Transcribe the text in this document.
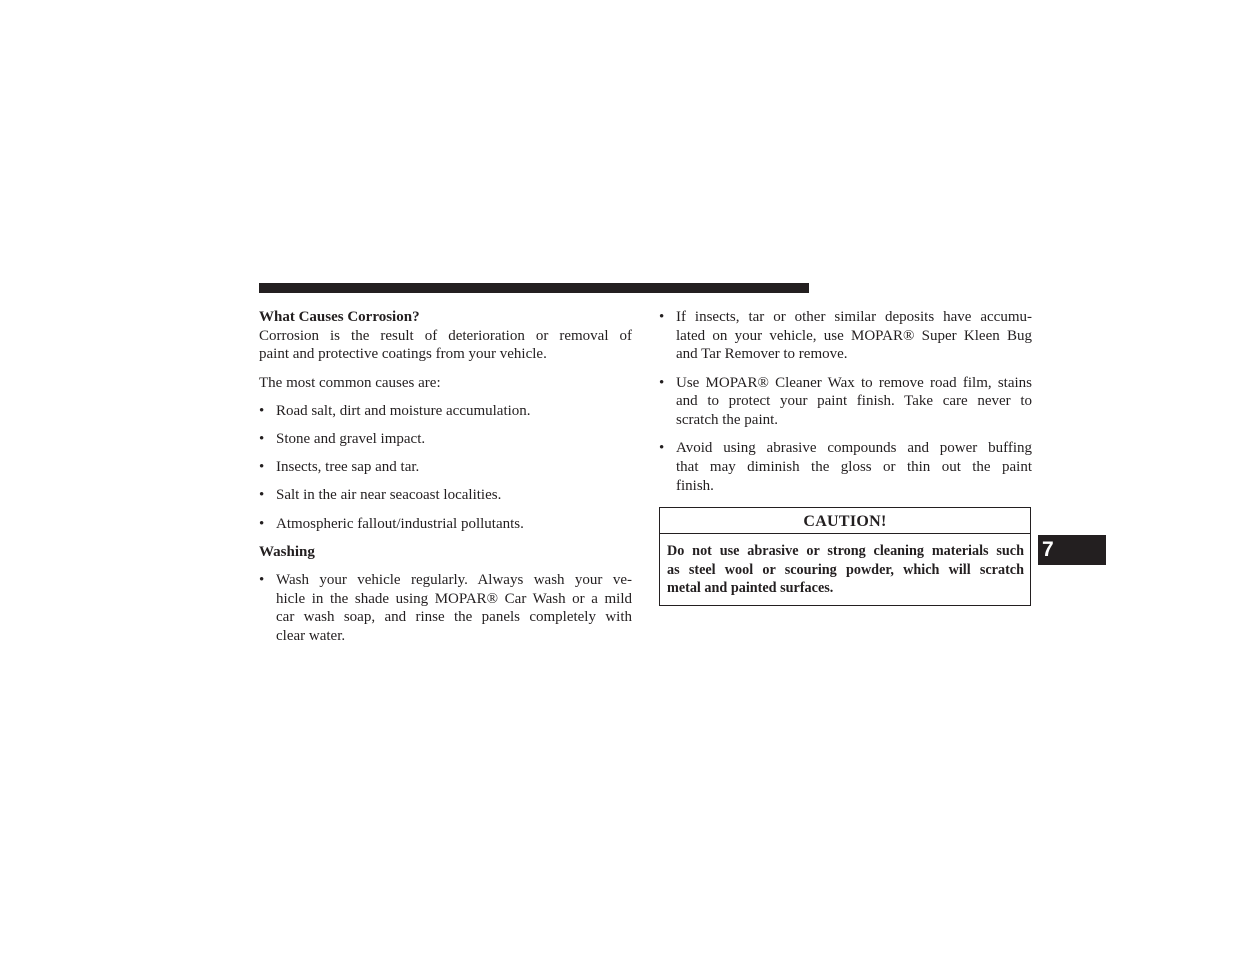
What Causes Corrosion?
Corrosion is the result of deterioration or removal of
paint and protective coatings from your vehicle.
The most common causes are:
• Road salt, dirt and moisture accumulation.
• Stone and gravel impact.
• Insects, tree sap and tar.
• Salt in the air near seacoast localities.
• Atmospheric fallout/industrial pollutants.
Washing
• Wash your vehicle regularly. Always wash your ve-
hicle in the shade using MOPAR® Car Wash or a mild
car wash soap, and rinse the panels completely with
clear water.
• If insects, tar or other similar deposits have accumu-
lated on your vehicle, use MOPAR® Super Kleen Bug
and Tar Remover to remove.
• Use MOPAR® Cleaner Wax to remove road film, stains
and to protect your paint finish. Take care never to
scratch the paint.
• Avoid using abrasive compounds and power buffing
that may diminish the gloss or thin out the paint
finish.
CAUTION!
Do not use abrasive or strong cleaning materials such
as steel wool or scouring powder, which will scratch
metal and painted surfaces.
7
